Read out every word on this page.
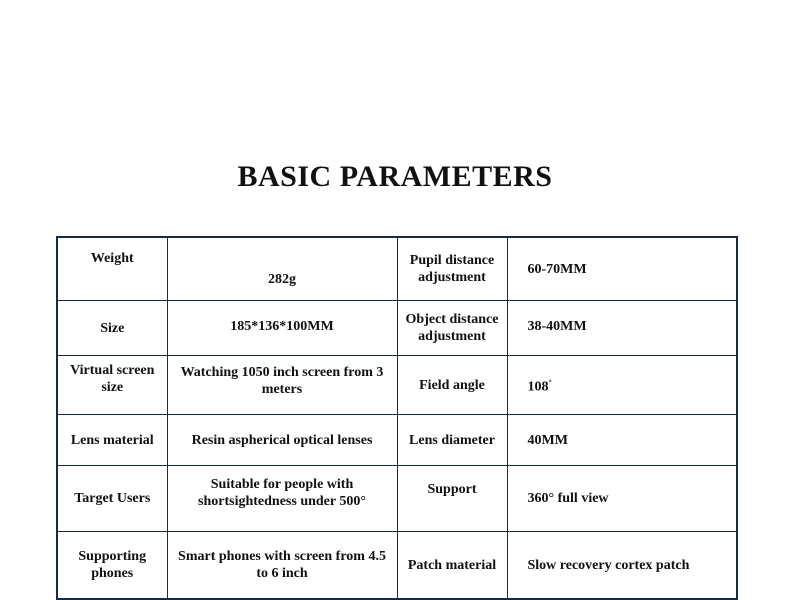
BASIC PARAMETERS
Weight	282g	Pupil distance adjustment	60-70MM
Size	185*136*100MM	Object distance adjustment	38-40MM
Virtual screen size	Watching 1050 inch screen from 3 meters	Field angle	108°
Lens material	Resin aspherical optical lenses	Lens diameter	40MM
Target Users	Suitable for people with shortsightedness under 500°	Support	360° full view
Supporting phones	Smart phones with screen from 4.5 to 6 inch	Patch material	Slow recovery cortex patch
